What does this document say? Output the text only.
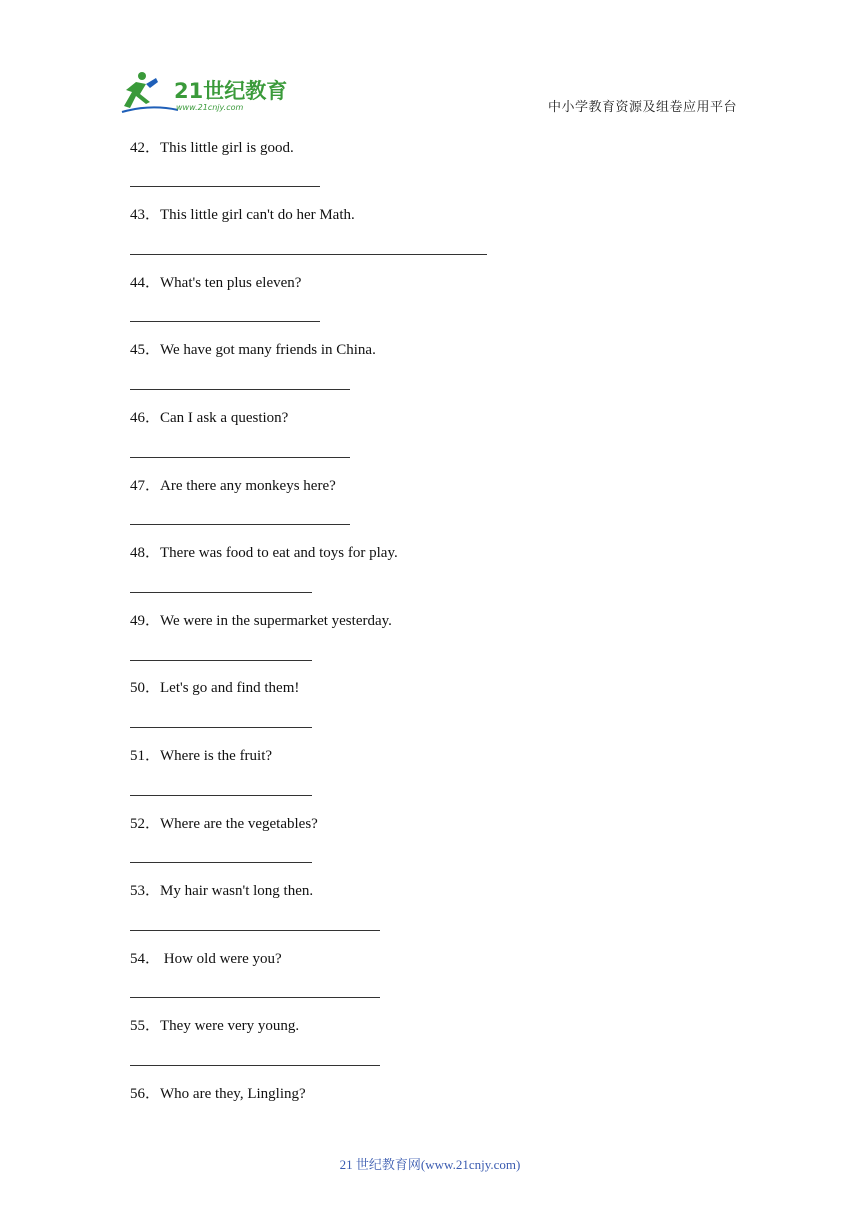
21世纪教育
www.21cnjy.com	中小学教育资源及组卷应用平台
42．This little girl is good.
43．This little girl can't do her Math.
44．What's ten plus eleven?
45．We have got many friends in China.
46．Can I ask a question?
47．Are there any monkeys here?
48．There was food to eat and toys for play.
49．We were in the supermarket yesterday.
50．Let's go and find them!
51．Where is the fruit?
52．Where are the vegetables?
53．My hair wasn't long then.
54． How old were you?
55．They were very young.
56．Who are they, Lingling?
21 世纪教育网(www.21cnjy.com)
